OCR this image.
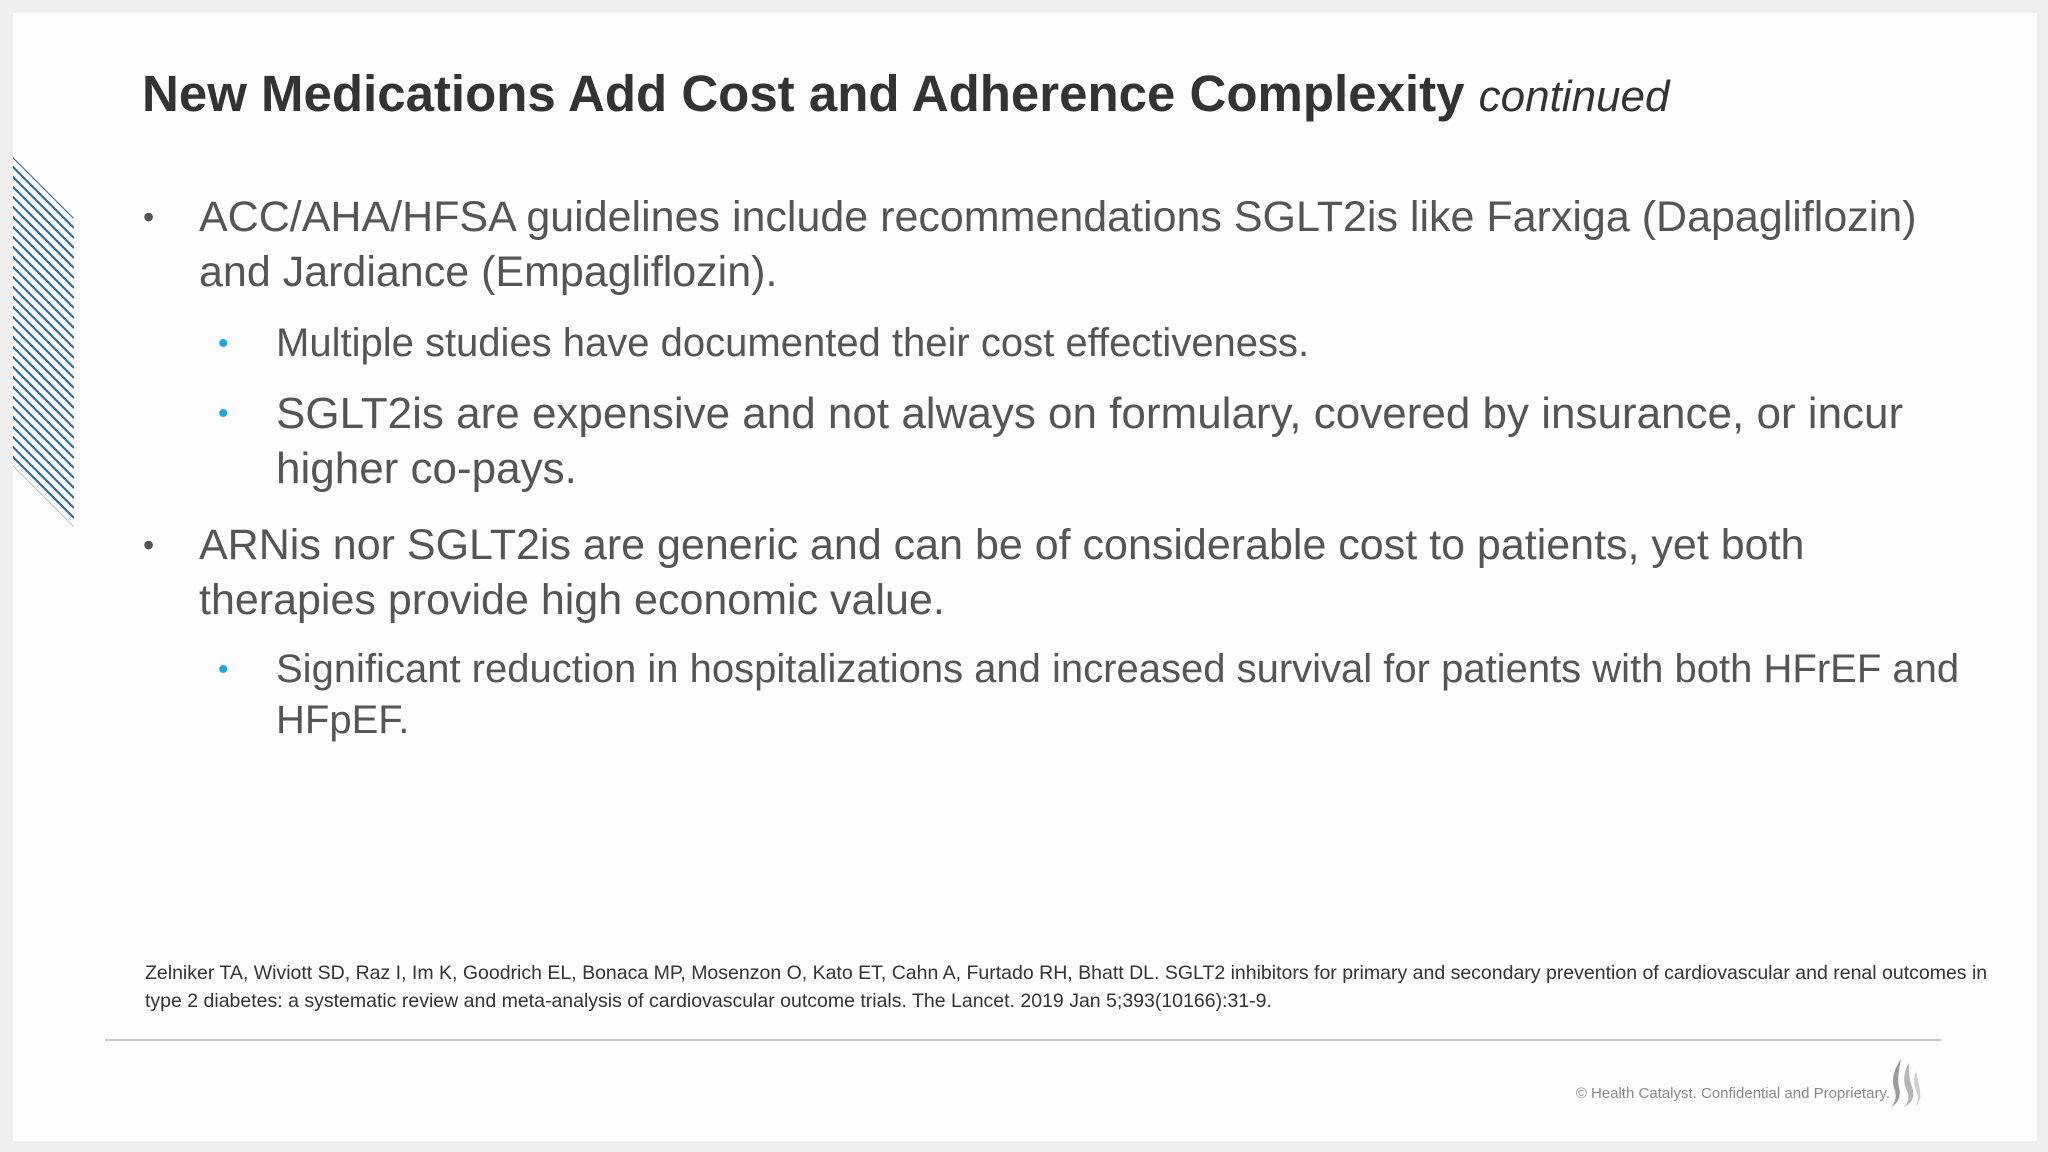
New Medications Add Cost and Adherence Complexity continued
• ACC/AHA/HFSA guidelines include recommendations SGLT2is like Farxiga (Dapagliflozin) and Jardiance (Empagliflozin).
• Multiple studies have documented their cost effectiveness.
• SGLT2is are expensive and not always on formulary, covered by insurance, or incur higher co-pays.
• ARNis nor SGLT2is are generic and can be of considerable cost to patients, yet both therapies provide high economic value.
• Significant reduction in hospitalizations and increased survival for patients with both HFrEF and HFpEF.
Zelniker TA, Wiviott SD, Raz I, Im K, Goodrich EL, Bonaca MP, Mosenzon O, Kato ET, Cahn A, Furtado RH, Bhatt DL. SGLT2 inhibitors for primary and secondary prevention of cardiovascular and renal outcomes in type 2 diabetes: a systematic review and meta-analysis of cardiovascular outcome trials. The Lancet. 2019 Jan 5;393(10166):31-9.
© Health Catalyst. Confidential and Proprietary.
